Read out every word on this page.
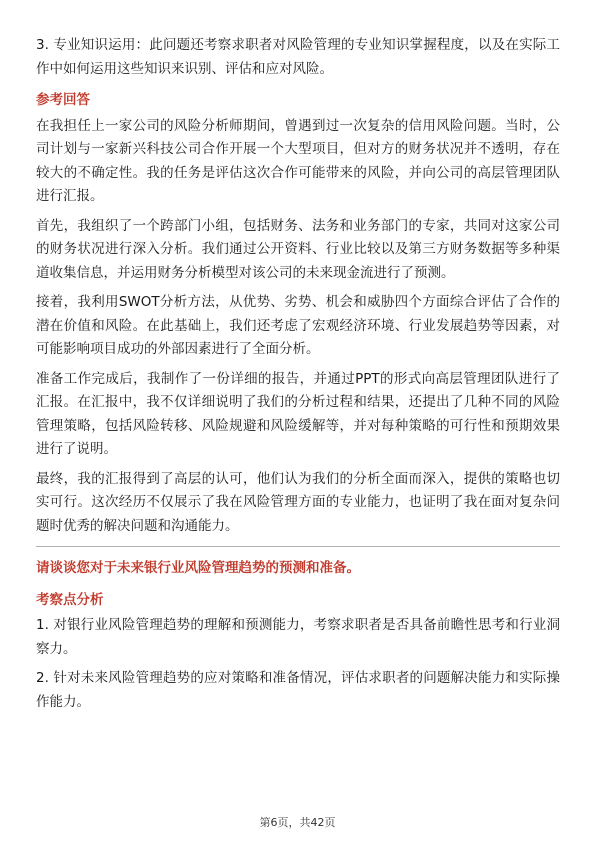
3. 专业知识运用：此问题还考察求职者对风险管理的专业知识掌握程度，以及在实际工作中如何运用这些知识来识别、评估和应对风险。

参考回答

在我担任上一家公司的风险分析师期间，曾遇到过一次复杂的信用风险问题。当时，公司计划与一家新兴科技公司合作开展一个大型项目，但对方的财务状况并不透明，存在较大的不确定性。我的任务是评估这次合作可能带来的风险，并向公司的高层管理团队进行汇报。

首先，我组织了一个跨部门小组，包括财务、法务和业务部门的专家，共同对这家公司的财务状况进行深入分析。我们通过公开资料、行业比较以及第三方财务数据等多种渠道收集信息，并运用财务分析模型对该公司的未来现金流进行了预测。

接着，我利用SWOT分析方法，从优势、劣势、机会和威胁四个方面综合评估了合作的潜在价值和风险。在此基础上，我们还考虑了宏观经济环境、行业发展趋势等因素，对可能影响项目成功的外部因素进行了全面分析。

准备工作完成后，我制作了一份详细的报告，并通过PPT的形式向高层管理团队进行了汇报。在汇报中，我不仅详细说明了我们的分析过程和结果，还提出了几种不同的风险管理策略，包括风险转移、风险规避和风险缓解等，并对每种策略的可行性和预期效果进行了说明。

最终，我的汇报得到了高层的认可，他们认为我们的分析全面而深入，提供的策略也切实可行。这次经历不仅展示了我在风险管理方面的专业能力，也证明了我在面对复杂问题时优秀的解决问题和沟通能力。

请谈谈您对于未来银行业风险管理趋势的预测和准备。
考察点分析

1. 对银行业风险管理趋势的理解和预测能力，考察求职者是否具备前瞻性思考和行业洞察力。

2. 针对未来风险管理趋势的应对策略和准备情况，评估求职者的问题解决能力和实际操作能力。

第6页，共42页
